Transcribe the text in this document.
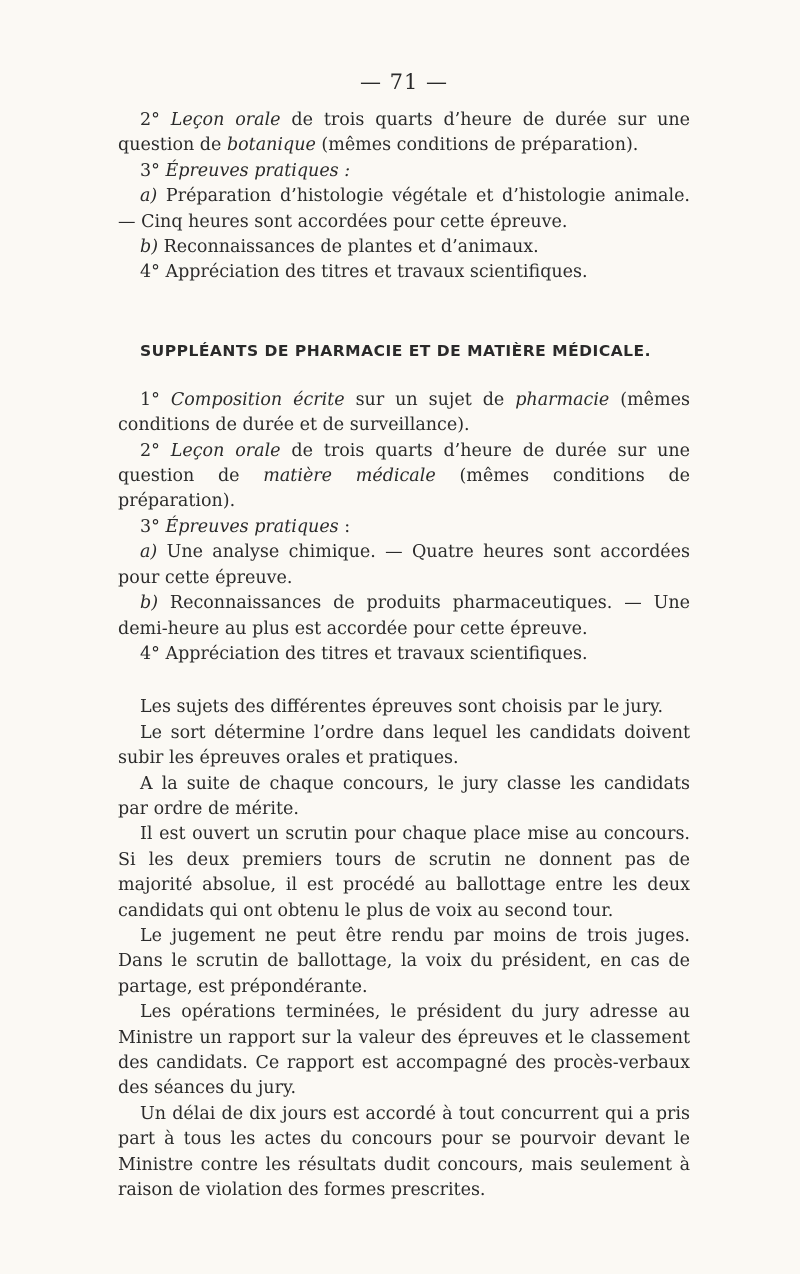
— 71 —

2° Leçon orale de trois quarts d’heure de durée sur une question de botanique (mêmes conditions de préparation).

3° Épreuves pratiques :

a) Préparation d’histologie végétale et d’histologie animale. — Cinq heures sont accordées pour cette épreuve.

b) Reconnaissances de plantes et d’animaux.

4° Appréciation des titres et travaux scientifiques.

SUPPLÉANTS DE PHARMACIE ET DE MATIÈRE MÉDICALE.

1° Composition écrite sur un sujet de pharmacie (mêmes conditions de durée et de surveillance).

2° Leçon orale de trois quarts d’heure de durée sur une question de matière médicale (mêmes conditions de préparation).

3° Épreuves pratiques :

a) Une analyse chimique. — Quatre heures sont accordées pour cette épreuve.

b) Reconnaissances de produits pharmaceutiques. — Une demi-heure au plus est accordée pour cette épreuve.

4° Appréciation des titres et travaux scientifiques.

Les sujets des différentes épreuves sont choisis par le jury.

Le sort détermine l’ordre dans lequel les candidats doivent subir les épreuves orales et pratiques.

A la suite de chaque concours, le jury classe les candidats par ordre de mérite.

Il est ouvert un scrutin pour chaque place mise au concours. Si les deux premiers tours de scrutin ne donnent pas de majorité absolue, il est procédé au ballottage entre les deux candidats qui ont obtenu le plus de voix au second tour.

Le jugement ne peut être rendu par moins de trois juges. Dans le scrutin de ballottage, la voix du président, en cas de partage, est prépondérante.

Les opérations terminées, le président du jury adresse au Ministre un rapport sur la valeur des épreuves et le classement des candidats. Ce rapport est accompagné des procès-verbaux des séances du jury.

Un délai de dix jours est accordé à tout concurrent qui a pris part à tous les actes du concours pour se pourvoir devant le Ministre contre les résultats dudit concours, mais seulement à raison de violation des formes prescrites.
